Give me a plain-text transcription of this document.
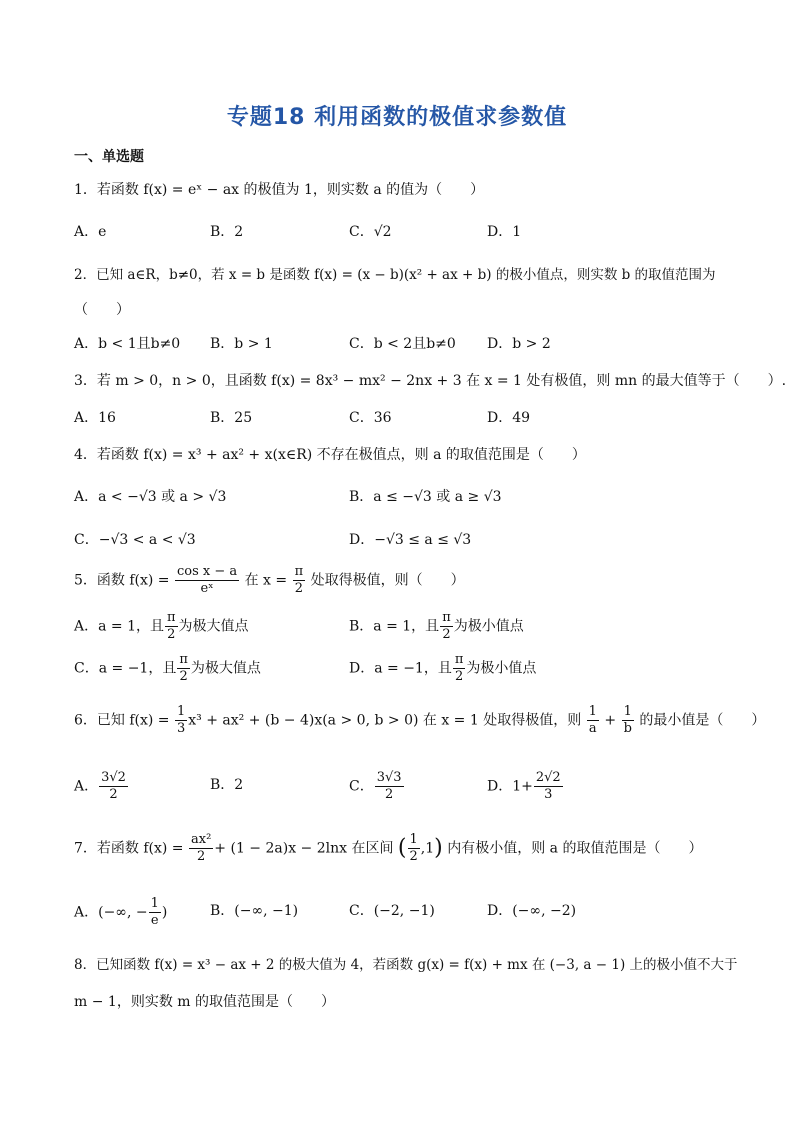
专题18 利用函数的极值求参数值
一、单选题
1．若函数 f(x) = eˣ − ax 的极值为 1，则实数 a 的值为（　　）
A．e	B．2	C．√2	D．1
2．已知 a∈R，b≠0，若 x = b 是函数 f(x) = (x − b)(x² + ax + b) 的极小值点，则实数 b 的取值范围为
（　　）
A．b < 1且b≠0 B．b > 1	C．b < 2且b≠0 D．b > 2
3．若 m > 0，n > 0，且函数 f(x) = 8x³ − mx² − 2nx + 3 在 x = 1 处有极值，则 mn 的最大值等于（　　）.
A．16	B．25	C．36	D．49
4．若函数 f(x) = x³ + ax² + x(x∈R) 不存在极值点，则 a 的取值范围是（　　）
A．a < −√3 或 a > √3	B．a ≤ −√3 或 a ≥ √3
C．−√3 < a < √3	D．−√3 ≤ a ≤ √3
5．函数 $f(x) = \frac{\text{cos x − a}}{\text{eˣ}}$ 在 $x = \frac{\pi}{2}$ 处取得极值，则（　　）
A．a = 1，且 $\frac{\pi}{2}$ 为极大值点	B．a = 1，且 $\frac{\pi}{2}$ 为极小值点
C．a = −1，且 $\frac{\pi}{2}$ 为极大值点	D．a = −1，且 $\frac{\pi}{2}$ 为极小值点
6．已知 $f(x) = \frac{1}{3} x^3 + ax^2 + (b - 4)x(a > 0$, b > 0) 在 x = 1 处取得极值，则 $\frac{1}{a} + \frac{1}{b}$ 的最小值是（　　）
A． $\frac{3√2}{2}$	B．2	C． $\frac{3√3}{2}$	D．$1+ \frac{2√2}{3}$
7．若函数 $f(x) = \frac{\text{ax²}}{2} + (1 - 2a)x - 2\ln x$ 在区间 ( $\frac{1}{2} ,1$) 内有极小值，则 a 的取值范围是（　　）
A．(−∞, − $\frac{1}{e}$ )	B．(−∞, −1)	C．(−2, −1)	D．(−∞, −2)
8．已知函数 f(x) = x³ − ax + 2 的极大值为 4，若函数 g(x) = f(x) + mx 在 (−3, a − 1) 上的极小值不大于
m − 1，则实数 m 的取值范围是（　　）
